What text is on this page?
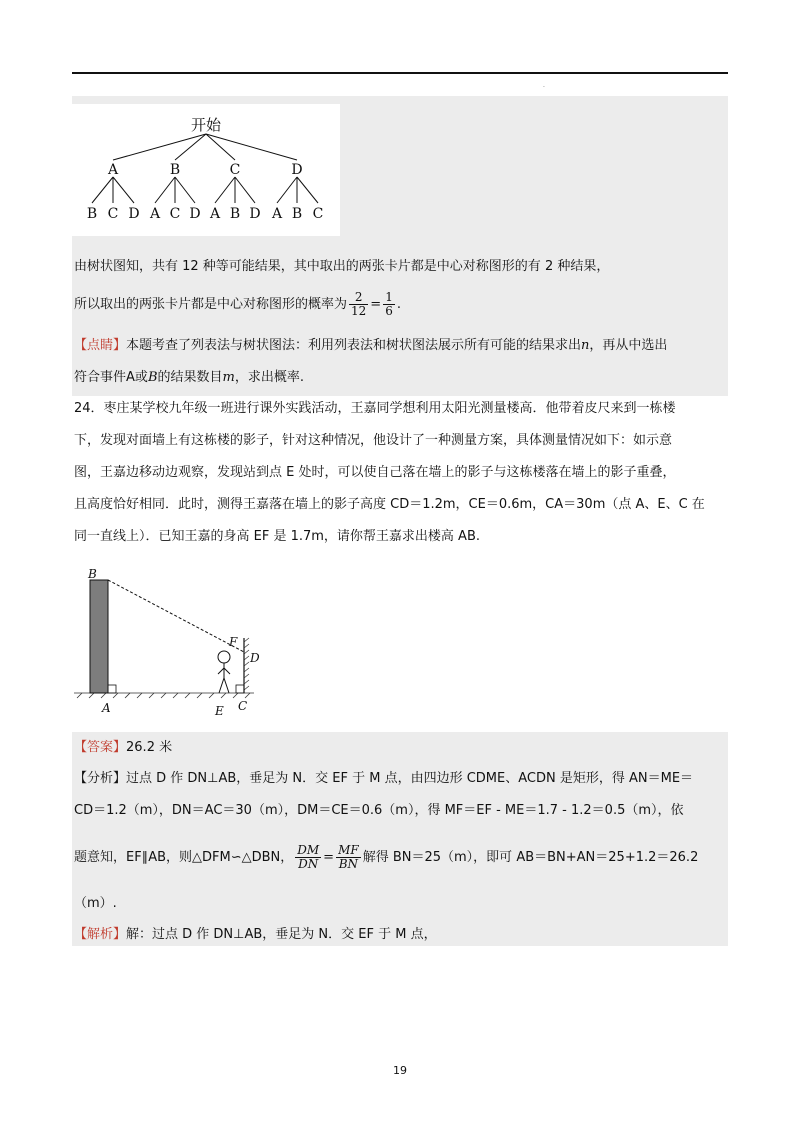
.
开始
A	B	C	D
B C D A C D A B D A B C
由树状图知，共有 12 种等可能结果，其中取出的两张卡片都是中心对称图形的有 2 种结果，
所以取出的两张卡片都是中心对称图形的概率为 $\frac{2}{12} = \frac{1}{6}$ .
【点睛】本题考查了列表法与树状图法：利用列表法和树状图法展示所有可能的结果求出n，再从中选出
符合事件A或B的结果数目m，求出概率.
24．枣庄某学校九年级一班进行课外实践活动，王嘉同学想利用太阳光测量楼高．他带着皮尺来到一栋楼
下，发现对面墙上有这栋楼的影子，针对这种情况，他设计了一种测量方案，具体测量情况如下：如示意
图，王嘉边移动边观察，发现站到点 E 处时，可以使自己落在墙上的影子与这栋楼落在墙上的影子重叠，
且高度恰好相同．此时，测得王嘉落在墙上的影子高度 CD＝1.2m，CE＝0.6m，CA＝30m（点 A、E、C 在
同一直线上）．已知王嘉的身高 EF 是 1.7m，请你帮王嘉求出楼高 AB.
B
F
D
A	E C
【答案】26.2 米
【分析】过点 D 作 DN⊥AB，垂足为 N．交 EF 于 M 点，由四边形 CDME、ACDN 是矩形，得 AN＝ME＝
CD＝1.2（m），DN＝AC＝30（m），DM＝CE＝0.6（m），得 MF＝EF - ME＝1.7 - 1.2＝0.5（m），依
题意知，EF∥AB，则△DFM∽△DBN， $\frac{DM}{DN} = \frac{MF}{BN}$ 解得 BN＝25（m），即可 AB＝BN+AN＝25+1.2＝26.2
（m）.
【解析】解：过点 D 作 DN⊥AB，垂足为 N．交 EF 于 M 点，
19
